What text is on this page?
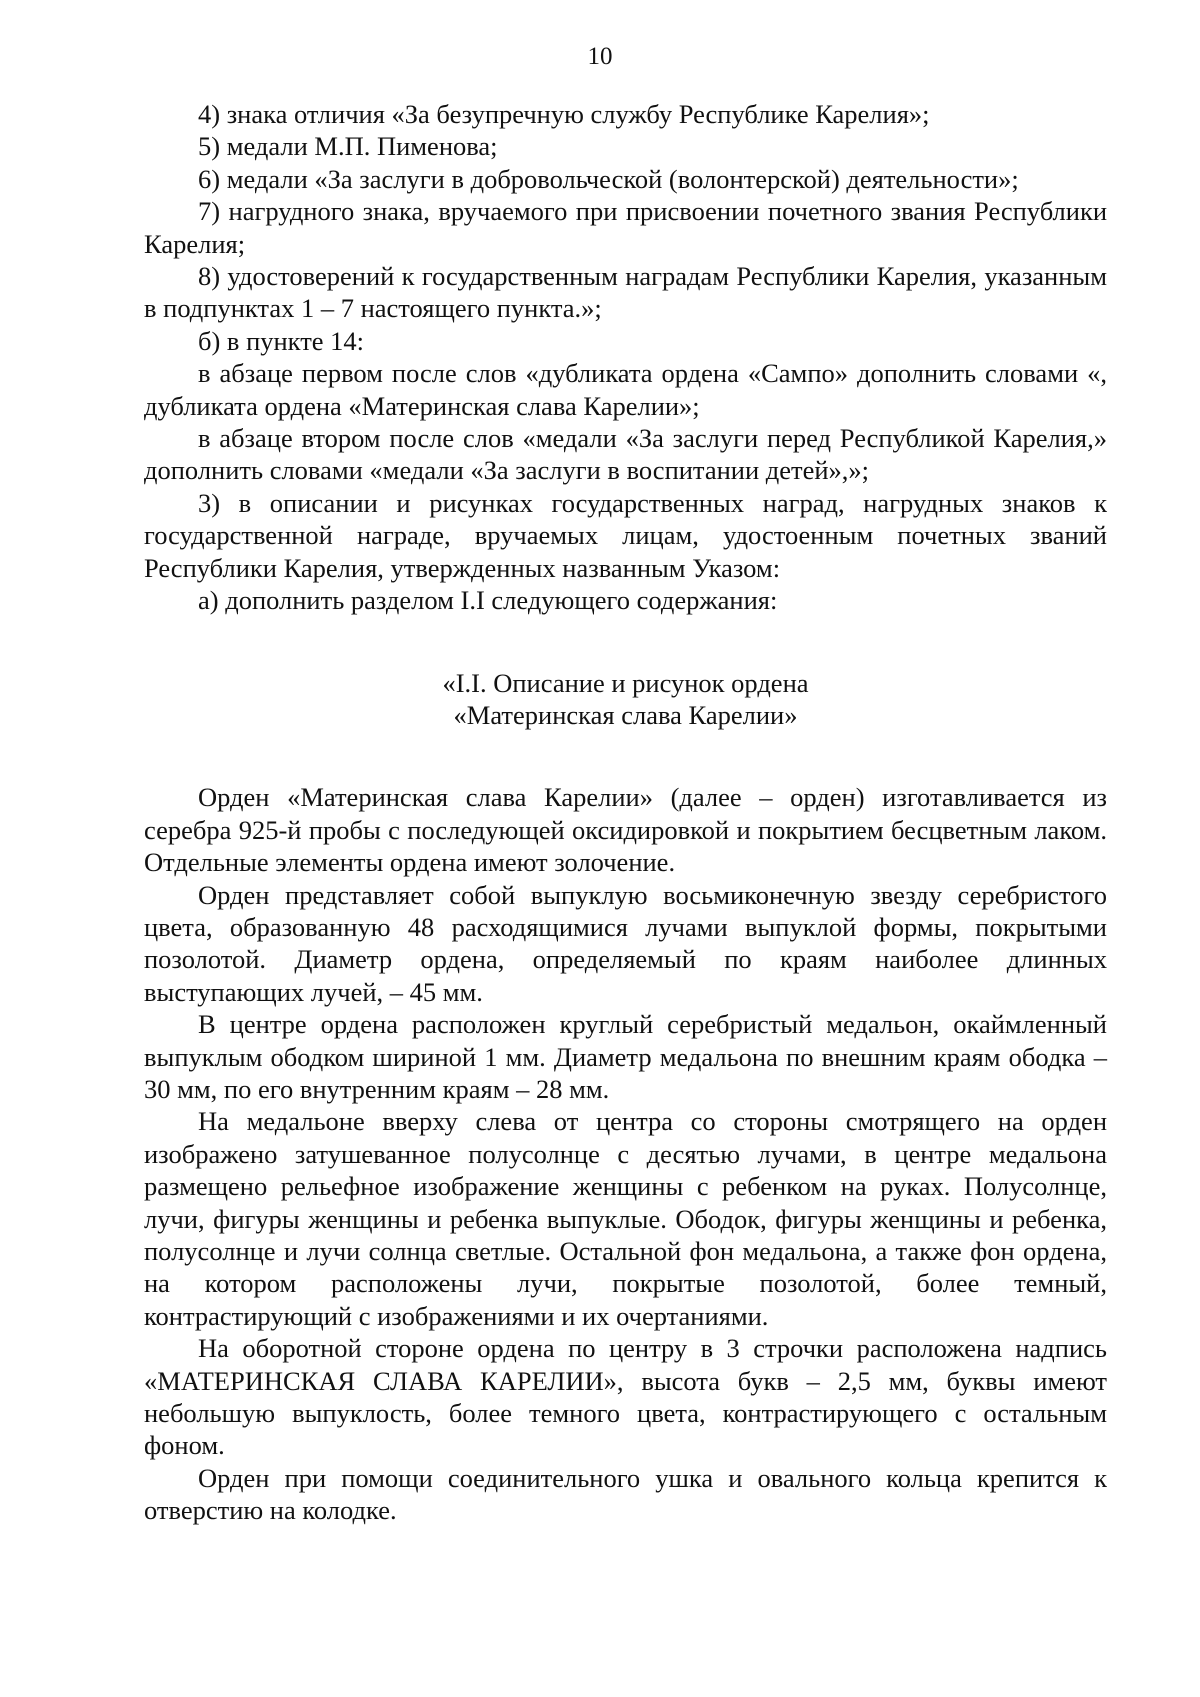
10

4) знака отличия «За безупречную службу Республике Карелия»;

5) медали М.П. Пименова;

6) медали «За заслуги в добровольческой (волонтерской) деятельности»;

7) нагрудного знака, вручаемого при присвоении почетного звания Республики Карелия;

8) удостоверений к государственным наградам Республики Карелия, указанным в подпунктах 1 – 7 настоящего пункта.»;

б) в пункте 14:

в абзаце первом после слов «дубликата ордена «Сампо» дополнить словами «, дубликата ордена «Материнская слава Карелии»;

в абзаце втором после слов «медали «За заслуги перед Республикой Карелия,» дополнить словами «медали «За заслуги в воспитании детей»,»;

3) в описании и рисунках государственных наград, нагрудных знаков к государственной награде, вручаемых лицам, удостоенным почетных званий Республики Карелия, утвержденных названным Указом:

а) дополнить разделом I.I следующего содержания:

«I.I. Описание и рисунок ордена
«Материнская слава Карелии»

Орден «Материнская слава Карелии» (далее – орден) изготавливается из серебра 925-й пробы с последующей оксидировкой и покрытием бесцветным лаком. Отдельные элементы ордена имеют золочение.

Орден представляет собой выпуклую восьмиконечную звезду серебристого цвета, образованную 48 расходящимися лучами выпуклой формы, покрытыми позолотой. Диаметр ордена, определяемый по краям наиболее длинных выступающих лучей, – 45 мм.

В центре ордена расположен круглый серебристый медальон, окаймленный выпуклым ободком шириной 1 мм. Диаметр медальона по внешним краям ободка – 30 мм, по его внутренним краям – 28 мм.

На медальоне вверху слева от центра со стороны смотрящего на орден изображено затушеванное полусолнце с десятью лучами, в центре медальона размещено рельефное изображение женщины с ребенком на руках. Полусолнце, лучи, фигуры женщины и ребенка выпуклые. Ободок, фигуры женщины и ребенка, полусолнце и лучи солнца светлые. Остальной фон медальона, а также фон ордена, на котором расположены лучи, покрытые позолотой, более темный, контрастирующий с изображениями и их очертаниями.

На оборотной стороне ордена по центру в 3 строчки расположена надпись «МАТЕРИНСКАЯ СЛАВА КАРЕЛИИ», высота букв – 2,5 мм, буквы имеют небольшую выпуклость, более темного цвета, контрастирующего с остальным фоном.

Орден при помощи соединительного ушка и овального кольца крепится к отверстию на колодке.
